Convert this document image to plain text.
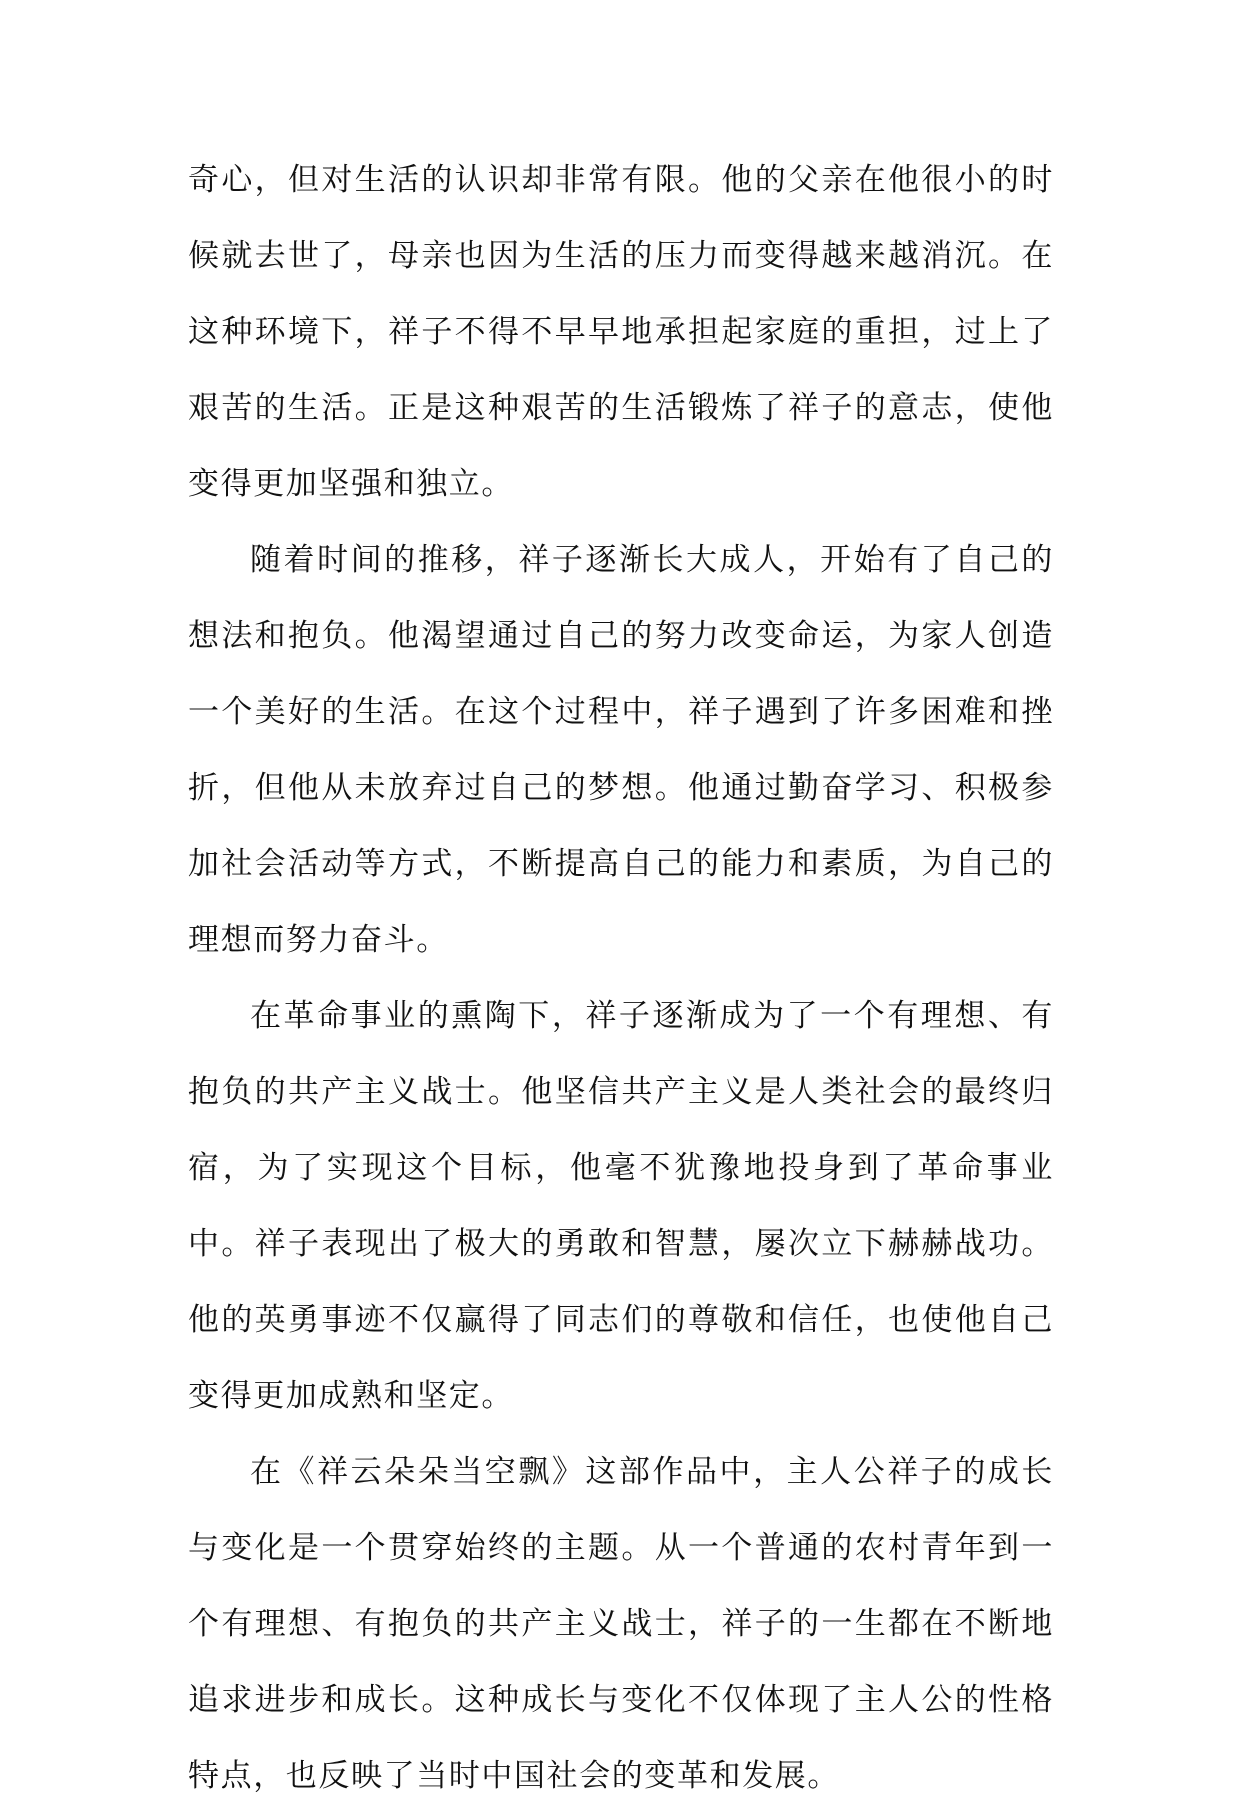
奇心，但对生活的认识却非常有限。他的父亲在他很小的时候就去世了，母亲也因为生活的压力而变得越来越消沉。在这种环境下，祥子不得不早早地承担起家庭的重担，过上了艰苦的生活。正是这种艰苦的生活锻炼了祥子的意志，使他变得更加坚强和独立。

随着时间的推移，祥子逐渐长大成人，开始有了自己的想法和抱负。他渴望通过自己的努力改变命运，为家人创造一个美好的生活。在这个过程中，祥子遇到了许多困难和挫折，但他从未放弃过自己的梦想。他通过勤奋学习、积极参加社会活动等方式，不断提高自己的能力和素质，为自己的理想而努力奋斗。

在革命事业的熏陶下，祥子逐渐成为了一个有理想、有抱负的共产主义战士。他坚信共产主义是人类社会的最终归宿，为了实现这个目标，他毫不犹豫地投身到了革命事业中。祥子表现出了极大的勇敢和智慧，屡次立下赫赫战功。他的英勇事迹不仅赢得了同志们的尊敬和信任，也使他自己变得更加成熟和坚定。

在《祥云朵朵当空飘》这部作品中，主人公祥子的成长与变化是一个贯穿始终的主题。从一个普通的农村青年到一个有理想、有抱负的共产主义战士，祥子的一生都在不断地追求进步和成长。这种成长与变化不仅体现了主人公的性格特点，也反映了当时中国社会的变革和发展。
